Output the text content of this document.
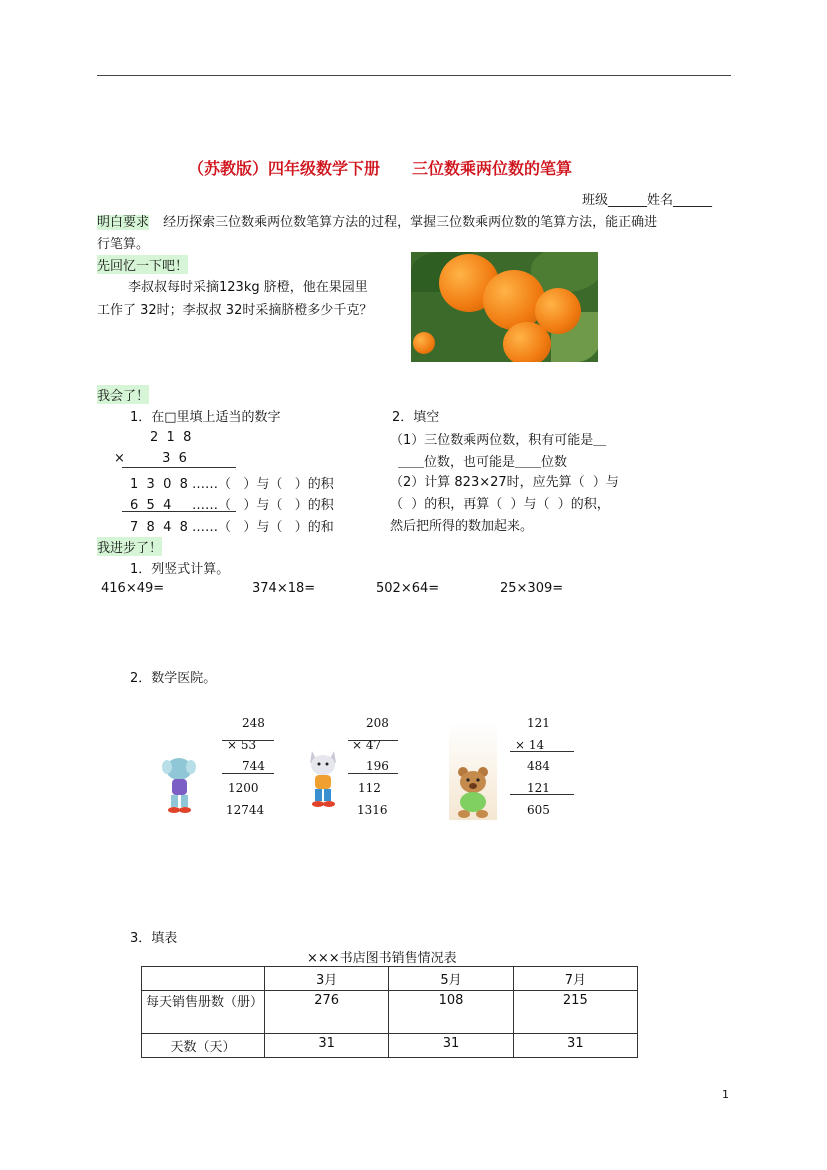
（苏教版）四年级数学下册　　三位数乘两位数的笔算
班级______姓名______
明白要求 经历探索三位数乘两位数笔算方法的过程，掌握三位数乘两位数的笔算方法，能正确进
行笔算。
先回忆一下吧！
李叔叔每时采摘123kg 脐橙，他在果园里
工作了 32时；李叔叔 32时采摘脐橙多少千克？
我会了！
1．在□里填上适当的数字
2  1  8
×         3  6
1  3  0  8 ……（   ）与（   ）的积
6  5  4     ……（   ）与（   ）的积
7  8  4  8 ……（   ）与（   ）的和
2．填空
（1）三位数乘两位数，积有可能是＿
＿＿位数，也可能是＿＿位数
（2）计算 823×27时，应先算（  ）与
（  ）的积，再算（  ）与（  ）的积，
然后把所得的数加起来。
我进步了！
1．列竖式计算。
416×49=	374×18=	502×64=	25×309=
2．数学医院。
248
× 53
744
1200
12744
208
× 47
196
112
1316
121
× 14
484
121
605
3．填表
×××书店图书销售情况表
	3月	5月	7月
每天销售册数（册）	276	108	215
天数（天）	31	31	31
1
